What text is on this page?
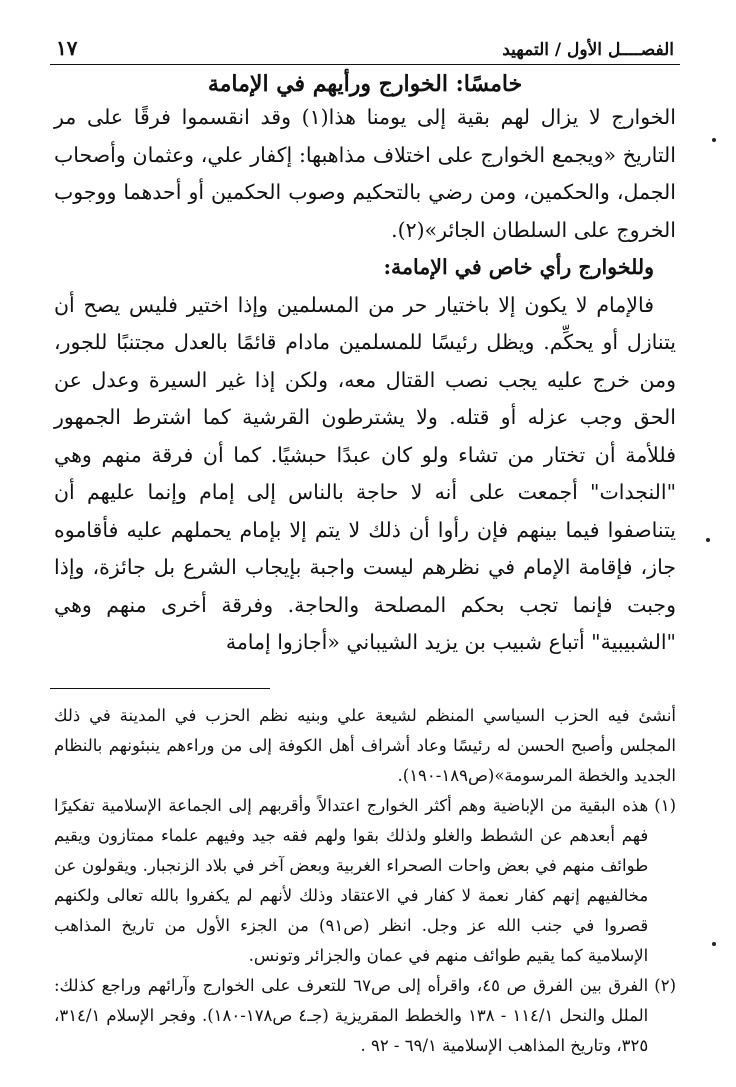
الفصــــل الأول / التمهيد
١٧
خامسًا: الخوارج ورأيهم في الإمامة

الخوارج لا يزال لهم بقية إلى يومنا هذا(١) وقد انقسموا فرقًا على مر التاريخ «ويجمع الخوارج على اختلاف مذاهبها: إكفار علي، وعثمان وأصحاب الجمل، والحكمين، ومن رضي بالتحكيم وصوب الحكمين أو أحدهما ووجوب الخروج على السلطان الجائر»(٢).

وللخوارج رأي خاص في الإمامة:

فالإمام لا يكون إلا باختيار حر من المسلمين وإذا اختير فليس يصح أن يتنازل أو يحكِّم. ويظل رئيسًا للمسلمين مادام قائمًا بالعدل مجتنبًا للجور، ومن خرج عليه يجب نصب القتال معه، ولكن إذا غير السيرة وعدل عن الحق وجب عزله أو قتله. ولا يشترطون القرشية كما اشترط الجمهور فللأمة أن تختار من تشاء ولو كان عبدًا حبشيًا. كما أن فرقة منهم وهي "النجدات" أجمعت على أنه لا حاجة بالناس إلى إمام وإنما عليهم أن يتناصفوا فيما بينهم فإن رأوا أن ذلك لا يتم إلا بإمام يحملهم عليه فأقاموه جاز، فإقامة الإمام في نظرهم ليست واجبة بإيجاب الشرع بل جائزة، وإذا وجبت فإنما تجب بحكم المصلحة والحاجة. وفرقة أخرى منهم وهي "الشبيبية" أتباع شبيب بن يزيد الشيباني «أجازوا إمامة

أنشئ فيه الحزب السياسي المنظم لشيعة علي وبنيه نظم الحزب في المدينة في ذلك المجلس وأصبح الحسن له رئيسًا وعاد أشراف أهل الكوفة إلى من وراءهم ينبئونهم بالنظام الجديد والخطة المرسومة»(ص١٨٩-١٩٠).

(١)
هذه البقية من الإباضية وهم أكثر الخوارج اعتدالاً وأقربهم إلى الجماعة الإسلامية تفكيرًا فهم أبعدهم عن الشطط والغلو ولذلك بقوا ولهم فقه جيد وفيهم علماء ممتازون ويقيم طوائف منهم في بعض واحات الصحراء الغربية وبعض آخر في بلاد الزنجبار. ويقولون عن مخالفيهم إنهم كفار نعمة لا كفار في الاعتقاد وذلك لأنهم لم يكفروا بالله تعالى ولكنهم قصروا في جنب الله عز وجل. انظر (ص٩١) من الجزء الأول من تاريخ المذاهب الإسلامية كما يقيم طوائف منهم في عمان والجزائر وتونس.
(٢)
الفرق بين الفرق ص ٤٥، واقرأه إلى ص٦٧ للتعرف على الخوارج وآرائهم وراجع كذلك: الملل والنحل ١١٤/١ - ١٣٨ والخطط المقريزية (جـ٤ ص١٧٨-١٨٠). وفجر الإسلام ٣١٤/١، ٣٢٥، وتاريخ المذاهب الإسلامية ٦٩/١ - ٩٢ .
